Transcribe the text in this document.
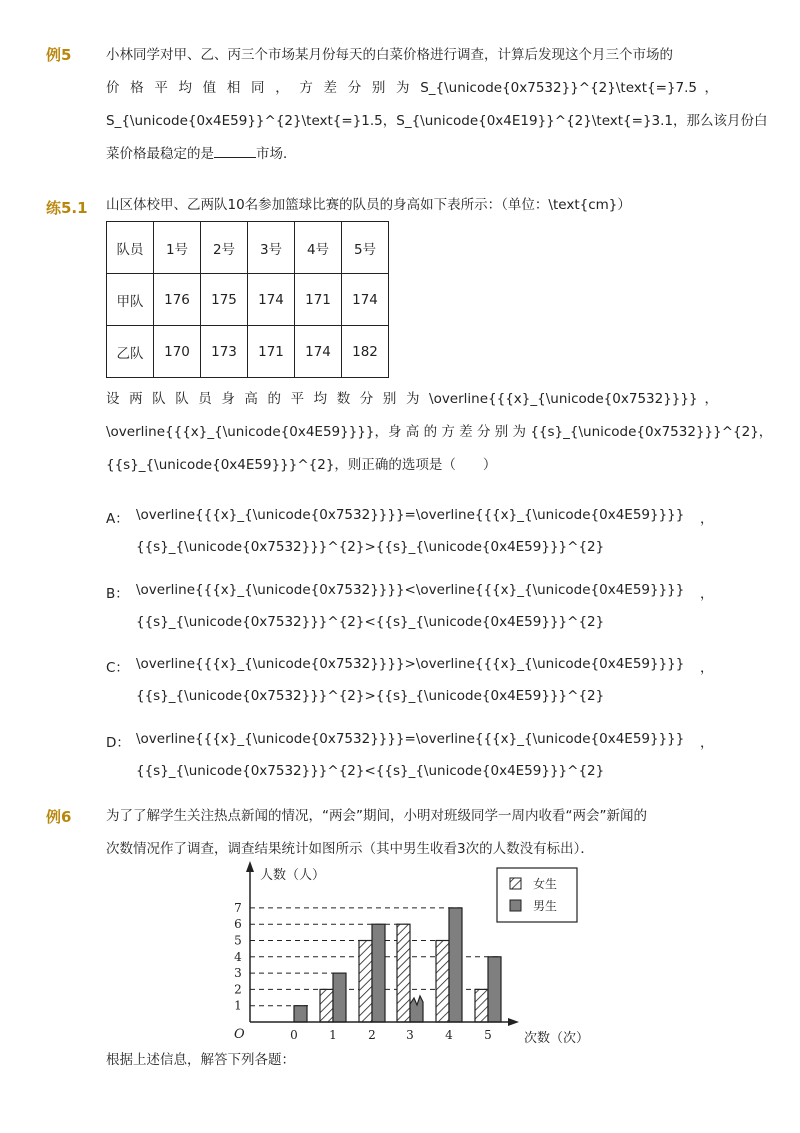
例5	小林同学对甲、乙、丙三个市场某月份每天的白菜价格进行调查，计算后发现这个月三个市场的
价 格 平 均 值 相 同 ， 方 差 分 别 为 S_{\unicode{0x7532}}^{2}\text{=}7.5 ，
S_{\unicode{0x4E59}}^{2}\text{=}1.5，S_{\unicode{0x4E19}}^{2}\text{=}3.1，那么该月份白
菜价格最稳定的是	市场．
练5.1 山区体校甲、乙两队10名参加篮球比赛的队员的身高如下表所示：（单位：\text{cm}）
队员	1号	2号	3号	4号	5号
甲队	176	175	174	171	174
乙队	170	173	171	174	182
设 两 队 队 员 身 高 的 平 均 数 分 别 为 \overline{{{x}_{\unicode{0x7532}}}} ，
\overline{{{x}_{\unicode{0x4E59}}}}，身 高 的 方 差 分 别 为 {{s}_{\unicode{0x7532}}}^{2}，
{{s}_{\unicode{0x4E59}}}^{2}，则正确的选项是（　　）
A： \overline{{{x}_{\unicode{0x7532}}}}=\overline{{{x}_{\unicode{0x4E59}}}} ，
{{s}_{\unicode{0x7532}}}^{2}>{{s}_{\unicode{0x4E59}}}^{2}
B： \overline{{{x}_{\unicode{0x7532}}}}<\overline{{{x}_{\unicode{0x4E59}}}} ，
{{s}_{\unicode{0x7532}}}^{2}<{{s}_{\unicode{0x4E59}}}^{2}
C： \overline{{{x}_{\unicode{0x7532}}}}>\overline{{{x}_{\unicode{0x4E59}}}} ，
{{s}_{\unicode{0x7532}}}^{2}>{{s}_{\unicode{0x4E59}}}^{2}
D： \overline{{{x}_{\unicode{0x7532}}}}=\overline{{{x}_{\unicode{0x4E59}}}} ，
{{s}_{\unicode{0x7532}}}^{2}<{{s}_{\unicode{0x4E59}}}^{2}
例6	为了了解学生关注热点新闻的情况，“两会”期间，小明对班级同学一周内收看“两会”新闻的
次数情况作了调查，调查结果统计如图所示（其中男生收看3次的人数没有标出）．
1
2
3
4
5
6
7
0	1	2	3	4	5
人数（人）
次数（次）
O
女生
男生
根据上述信息，解答下列各题：
